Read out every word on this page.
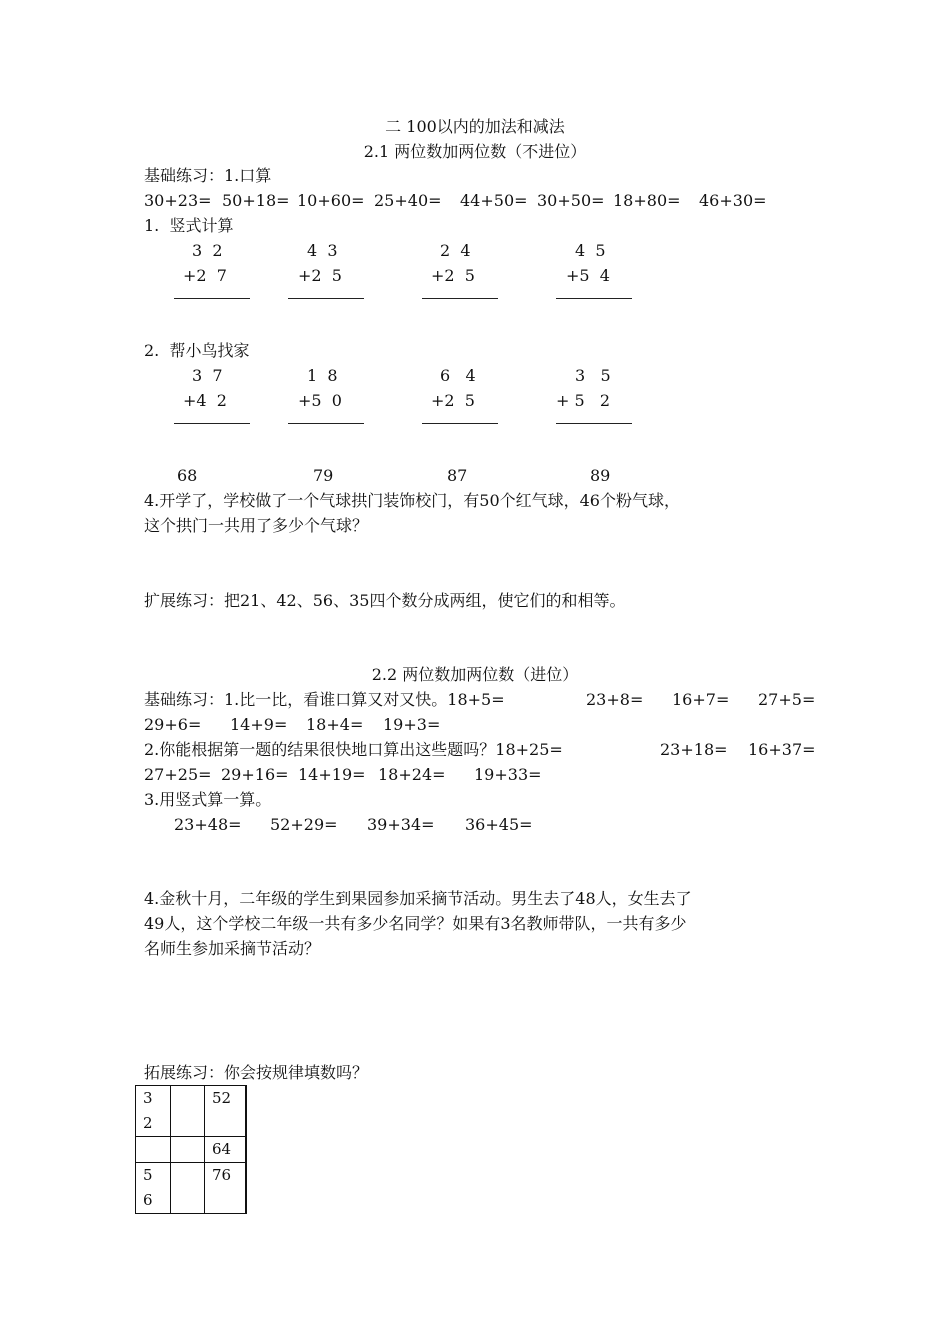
二 100以内的加法和减法
2.1 两位数加两位数（不进位）
基础练习：1.口算
30+23= 50+18= 10+60= 25+40= 44+50= 30+50= 18+80= 46+30=
1.  竖式计算
3  2
+2  7
4  3
+2  5
2  4
+2  5
4  5
+5  4
2.  帮小鸟找家
3  7
+4  2
1  8
+5  0
6   4
+2  5
3   5
+ 5   2
68	79	87	89
4.开学了，学校做了一个气球拱门装饰校门，有50个红气球，46个粉气球，
这个拱门一共用了多少个气球？
扩展练习：把21、42、56、35四个数分成两组，使它们的和相等。
2.2 两位数加两位数（进位）
基础练习：1.比一比，看谁口算又对又快。18+5=	23+8= 16+7= 27+5=
29+6= 14+9= 18+4= 19+3=
2.你能根据第一题的结果很快地口算出这些题吗？18+25=	23+18= 16+37=
27+25= 29+16= 14+19= 18+24= 19+33=
3.用竖式算一算。
23+48= 52+29= 39+34= 36+45=
4.金秋十月，二年级的学生到果园参加采摘节活动。男生去了48人，女生去了
49人，这个学校二年级一共有多少名同学？如果有3名教师带队，一共有多少
名师生参加采摘节活动？
拓展练习：你会按规律填数吗？
3
2		52
		64
5
6		76
